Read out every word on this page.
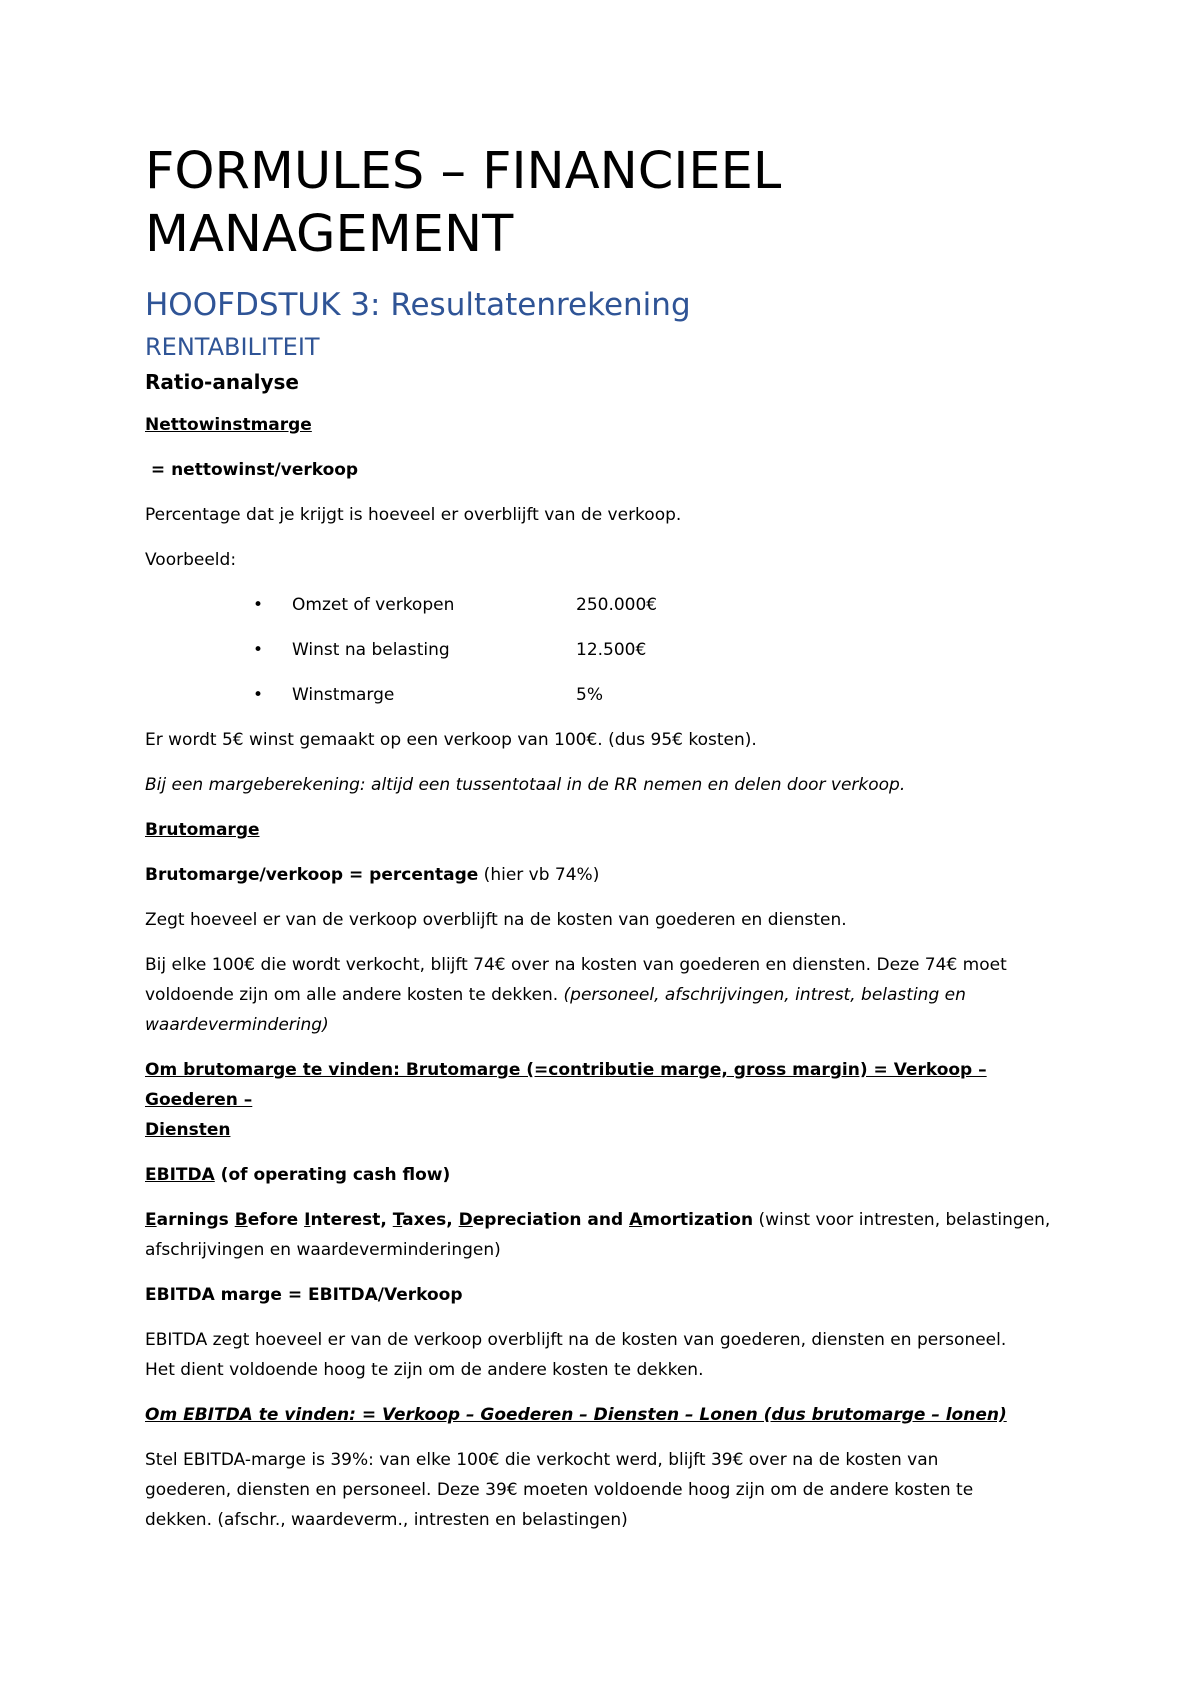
FORMULES – FINANCIEEL
MANAGEMENT
HOOFDSTUK 3: Resultatenrekening
RENTABILITEIT
Ratio-analyse

Nettowinstmarge

= nettowinst/verkoop

Percentage dat je krijgt is hoeveel er overblijft van de verkoop.

Voorbeeld:

• Omzet of verkopen	250.000€
• Winst na belasting	12.500€
• Winstmarge	5%

Er wordt 5€ winst gemaakt op een verkoop van 100€. (dus 95€ kosten).

Bij een margeberekening: altijd een tussentotaal in de RR nemen en delen door verkoop.

Brutomarge

Brutomarge/verkoop = percentage (hier vb 74%)

Zegt hoeveel er van de verkoop overblijft na de kosten van goederen en diensten.

Bij elke 100€ die wordt verkocht, blijft 74€ over na kosten van goederen en diensten. Deze 74€ moet
voldoende zijn om alle andere kosten te dekken. (personeel, afschrijvingen, intrest, belasting en
waardevermindering)

Om brutomarge te vinden: Brutomarge (=contributie marge, gross margin) = Verkoop – Goederen –
Diensten

EBITDA (of operating cash flow)

Earnings Before Interest, Taxes, Depreciation and Amortization (winst voor intresten, belastingen,
afschrijvingen en waardeverminderingen)

EBITDA marge = EBITDA/Verkoop

EBITDA zegt hoeveel er van de verkoop overblijft na de kosten van goederen, diensten en personeel.
Het dient voldoende hoog te zijn om de andere kosten te dekken.

Om EBITDA te vinden: = Verkoop – Goederen – Diensten – Lonen (dus brutomarge – lonen)

Stel EBITDA-marge is 39%: van elke 100€ die verkocht werd, blijft 39€ over na de kosten van
goederen, diensten en personeel. Deze 39€ moeten voldoende hoog zijn om de andere kosten te
dekken. (afschr., waardeverm., intresten en belastingen)
